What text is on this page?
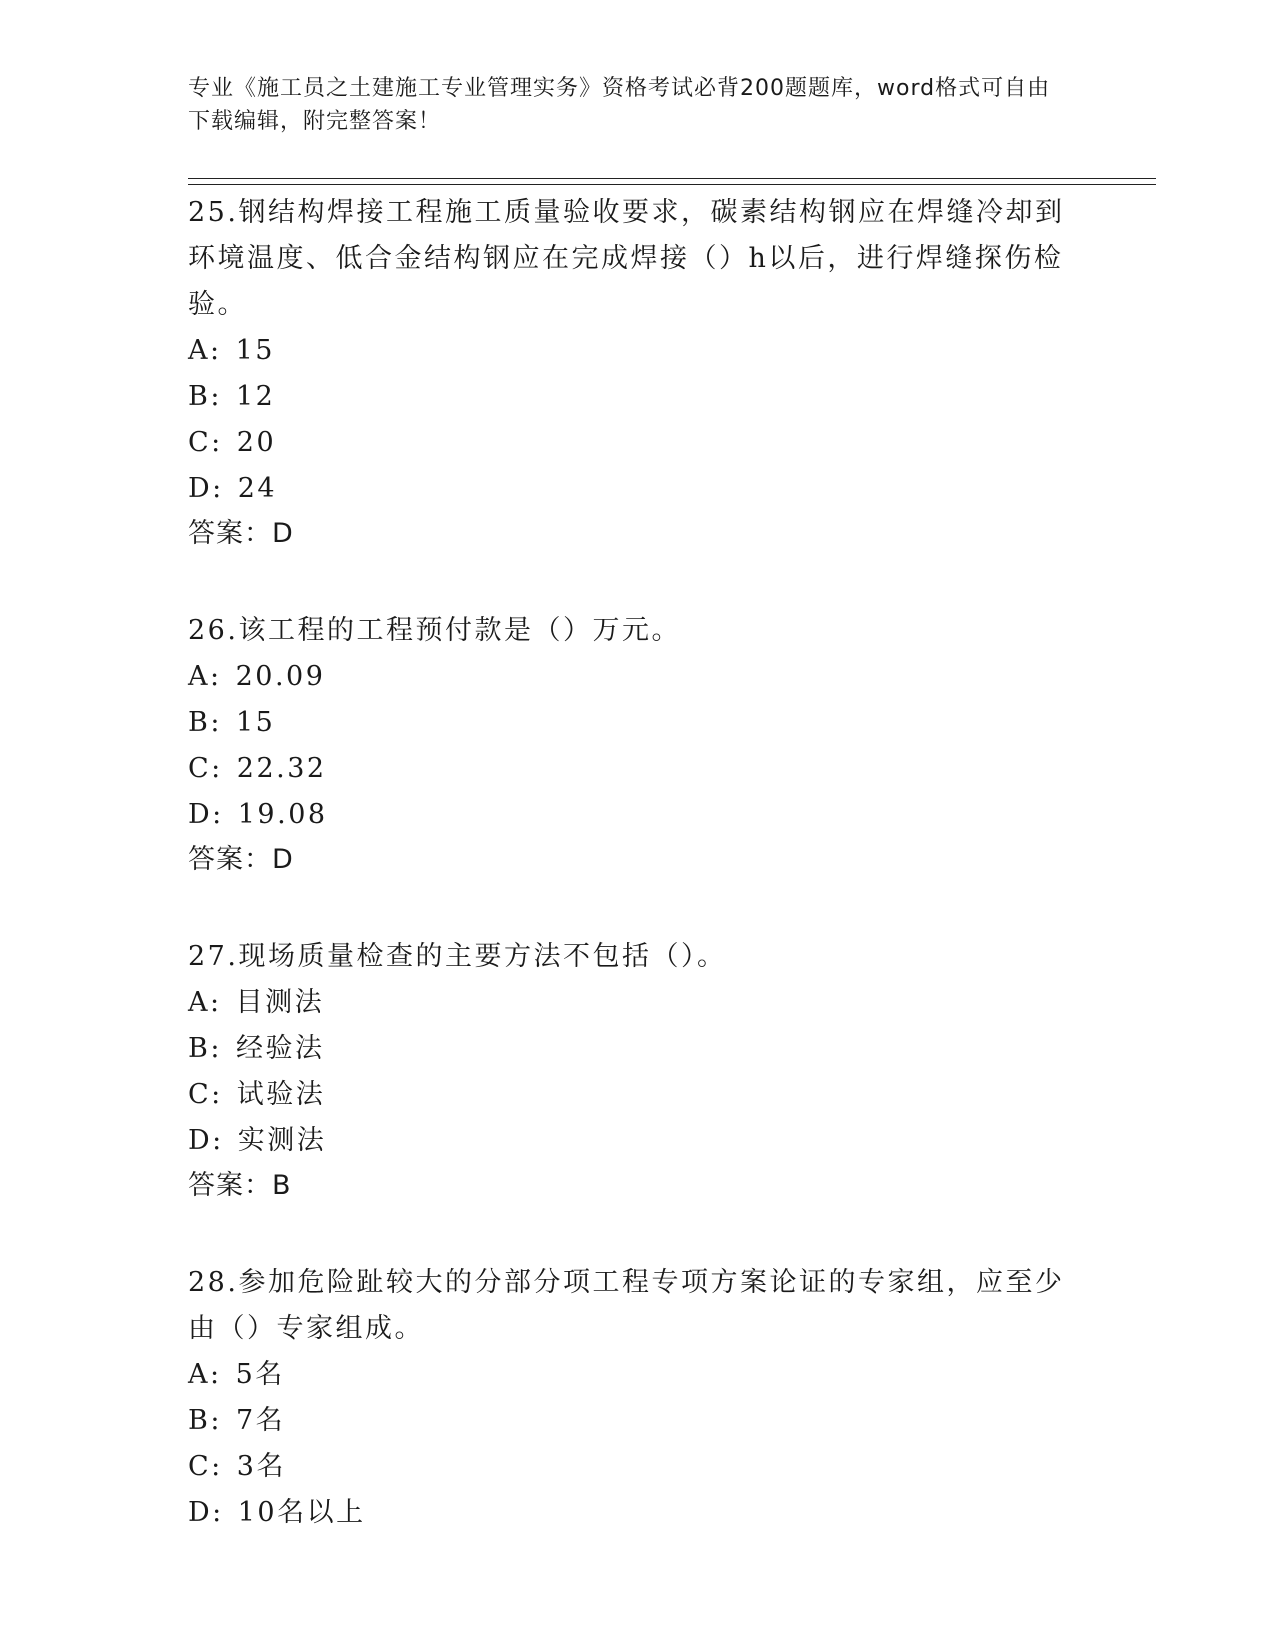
专业《施工员之土建施工专业管理实务》资格考试必背200题题库，word格式可自由下载编辑，附完整答案！

25.钢结构焊接工程施工质量验收要求，碳素结构钢应在焊缝冷却到环境温度、低合金结构钢应在完成焊接（）h以后，进行焊缝探伤检验。

A: 15

B: 12

C: 20

D: 24

答案：D

26.该工程的工程预付款是（）万元。

A: 20.09

B: 15

C: 22.32

D: 19.08

答案：D

27.现场质量检查的主要方法不包括（）。

A: 目测法

B: 经验法

C: 试验法

D: 实测法

答案：B

28.参加危险趾较大的分部分项工程专项方案论证的专家组，应至少由（）专家组成。

A: 5名

B: 7名

C: 3名

D: 10名以上
